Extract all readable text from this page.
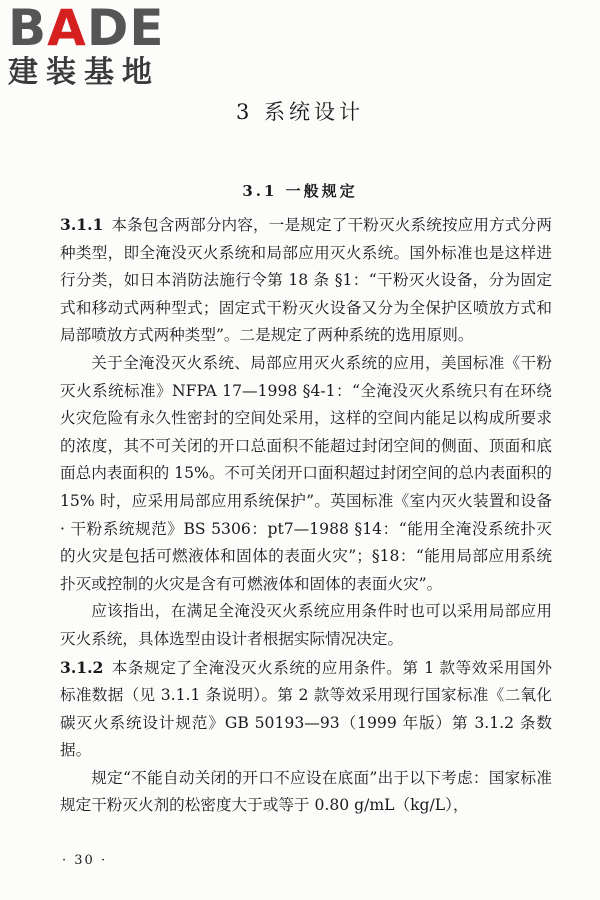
BADE
建装基地
3 系统设计
3.1 一般规定

3.1.1 本条包含两部分内容，一是规定了干粉灭火系统按应用方式分两种类型，即全淹没灭火系统和局部应用灭火系统。国外标准也是这样进行分类，如日本消防法施行令第 18 条 §1：“干粉灭火设备，分为固定式和移动式两种型式；固定式干粉灭火设备又分为全保护区喷放方式和局部喷放方式两种类型”。二是规定了两种系统的选用原则。

关于全淹没灭火系统、局部应用灭火系统的应用，美国标准《干粉灭火系统标准》NFPA 17—1998 §4-1：“全淹没灭火系统只有在环绕火灾危险有永久性密封的空间处采用，这样的空间内能足以构成所要求的浓度，其不可关闭的开口总面积不能超过封闭空间的侧面、顶面和底面总内表面积的 15%。不可关闭开口面积超过封闭空间的总内表面积的 15% 时，应采用局部应用系统保护”。英国标准《室内灭火装置和设备 · 干粉系统规范》BS 5306：pt7—1988 §14：“能用全淹没系统扑灭的火灾是包括可燃液体和固体的表面火灾”；§18：“能用局部应用系统扑灭或控制的火灾是含有可燃液体和固体的表面火灾”。

应该指出，在满足全淹没灭火系统应用条件时也可以采用局部应用灭火系统，具体选型由设计者根据实际情况决定。

3.1.2 本条规定了全淹没灭火系统的应用条件。第 1 款等效采用国外标准数据（见 3.1.1 条说明）。第 2 款等效采用现行国家标准《二氧化碳灭火系统设计规范》GB 50193—93（1999 年版）第 3.1.2 条数据。

规定“不能自动关闭的开口不应设在底面”出于以下考虑：国家标准规定干粉灭火剂的松密度大于或等于 0.80 g/mL（kg/L），

· 30 ·
